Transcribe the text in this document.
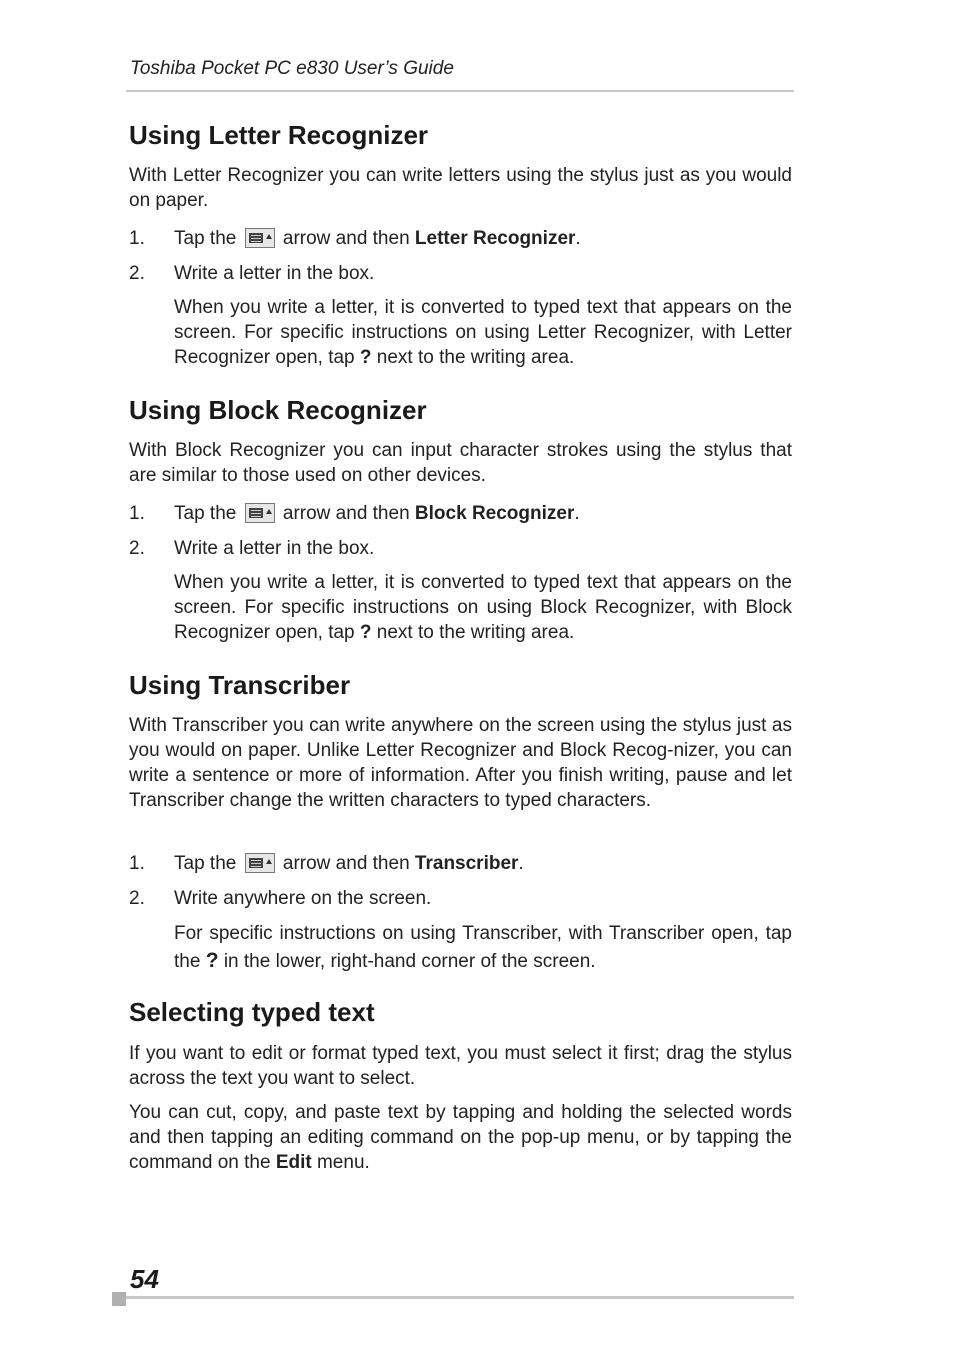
Toshiba Pocket PC e830 User’s Guide
Using Letter Recognizer

With Letter Recognizer you can write letters using the stylus just as you would on paper.

1. Tap the arrow and then Letter Recognizer.
2. Write a letter in the box.

When you write a letter, it is converted to typed text that appears on the screen. For specific instructions on using Letter Recognizer, with Letter Recognizer open, tap ? next to the writing area.

Using Block Recognizer

With Block Recognizer you can input character strokes using the stylus that are similar to those used on other devices.

1. Tap the arrow and then Block Recognizer.
2. Write a letter in the box.

When you write a letter, it is converted to typed text that appears on the screen. For specific instructions on using Block Recognizer, with Block Recognizer open, tap ? next to the writing area.

Using Transcriber

With Transcriber you can write anywhere on the screen using the stylus just as you would on paper. Unlike Letter Recognizer and Block Recog-nizer, you can write a sentence or more of information. After you finish writing, pause and let Transcriber change the written characters to typed characters.

1. Tap the arrow and then Transcriber.
2. Write anywhere on the screen.

For specific instructions on using Transcriber, with Transcriber open, tap the ? in the lower, right-hand corner of the screen.

Selecting typed text

If you want to edit or format typed text, you must select it first; drag the stylus across the text you want to select.

You can cut, copy, and paste text by tapping and holding the selected words and then tapping an editing command on the pop-up menu, or by tapping the command on the Edit menu.

54
